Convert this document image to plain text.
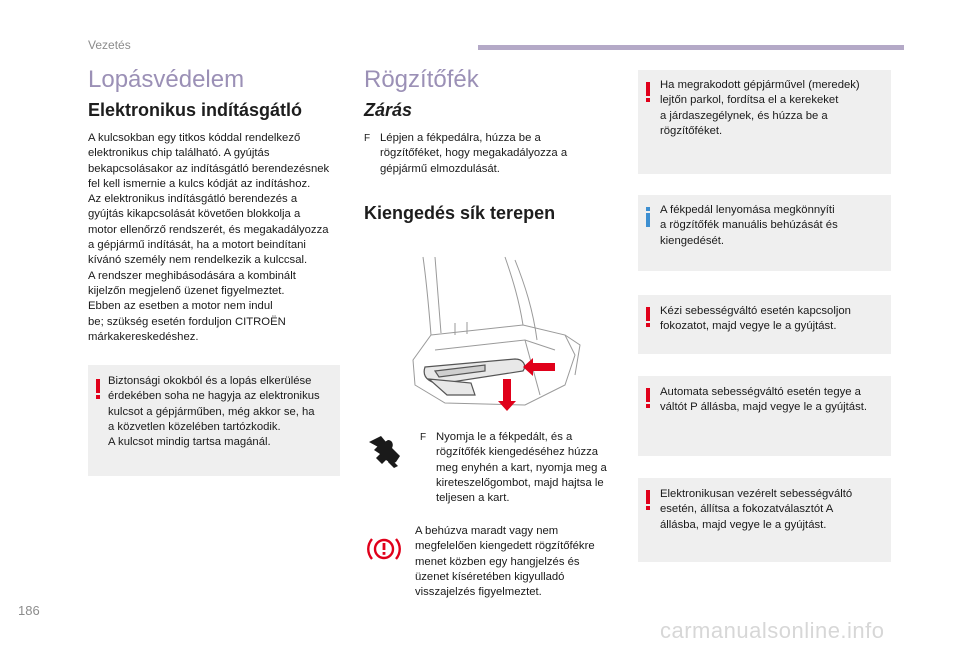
Vezetés
186
carmanualsonline.info
Lopásvédelem
Elektronikus indításgátló
A kulcsokban egy titkos kóddal rendelkező
elektronikus chip található. A gyújtás
bekapcsolásakor az indításgátló berendezésnek
fel kell ismernie a kulcs kódját az indításhoz.
Az elektronikus indításgátló berendezés a
gyújtás kikapcsolását követően blokkolja a
motor ellenőrző rendszerét, és megakadályozza
a gépjármű indítását, ha a motort beindítani
kívánó személy nem rendelkezik a kulccsal.
A rendszer meghibásodására a kombinált
kijelzőn megjelenő üzenet figyelmeztet.
Ebben az esetben a motor nem indul
be; szükség esetén forduljon CITROËN
márkakereskedéshez.
Biztonsági okokból és a lopás elkerülése
érdekében soha ne hagyja az elektronikus
kulcsot a gépjárműben, még akkor se, ha
a közvetlen közelében tartózkodik.
A kulcsot mindig tartsa magánál.
Rögzítőfék
Zárás
F Lépjen a fékpedálra, húzza be a
rögzítőféket, hogy megakadályozza a
gépjármű elmozdulását.
Kiengedés sík terepen
F Nyomja le a fékpedált, és a
rögzítőfék kiengedéséhez húzza
meg enyhén a kart, nyomja meg a
kireteszelőgombot, majd hajtsa le
teljesen a kart.
A behúzva maradt vagy nem
megfelelően kiengedett rögzítőfékre
menet közben egy hangjelzés és
üzenet kíséretében kigyulladó
visszajelzés figyelmeztet.
Ha megrakodott gépjárművel (meredek)
lejtőn parkol, fordítsa el a kerekeket
a járdaszegélynek, és húzza be a
rögzítőféket.
A fékpedál lenyomása megkönnyíti
a rögzítőfék manuális behúzását és
kiengedését.
Kézi sebességváltó esetén kapcsoljon
fokozatot, majd vegye le a gyújtást.
Automata sebességváltó esetén tegye a
váltót P állásba, majd vegye le a gyújtást.
Elektronikusan vezérelt sebességváltó
esetén, állítsa a fokozatválasztót A
állásba, majd vegye le a gyújtást.
